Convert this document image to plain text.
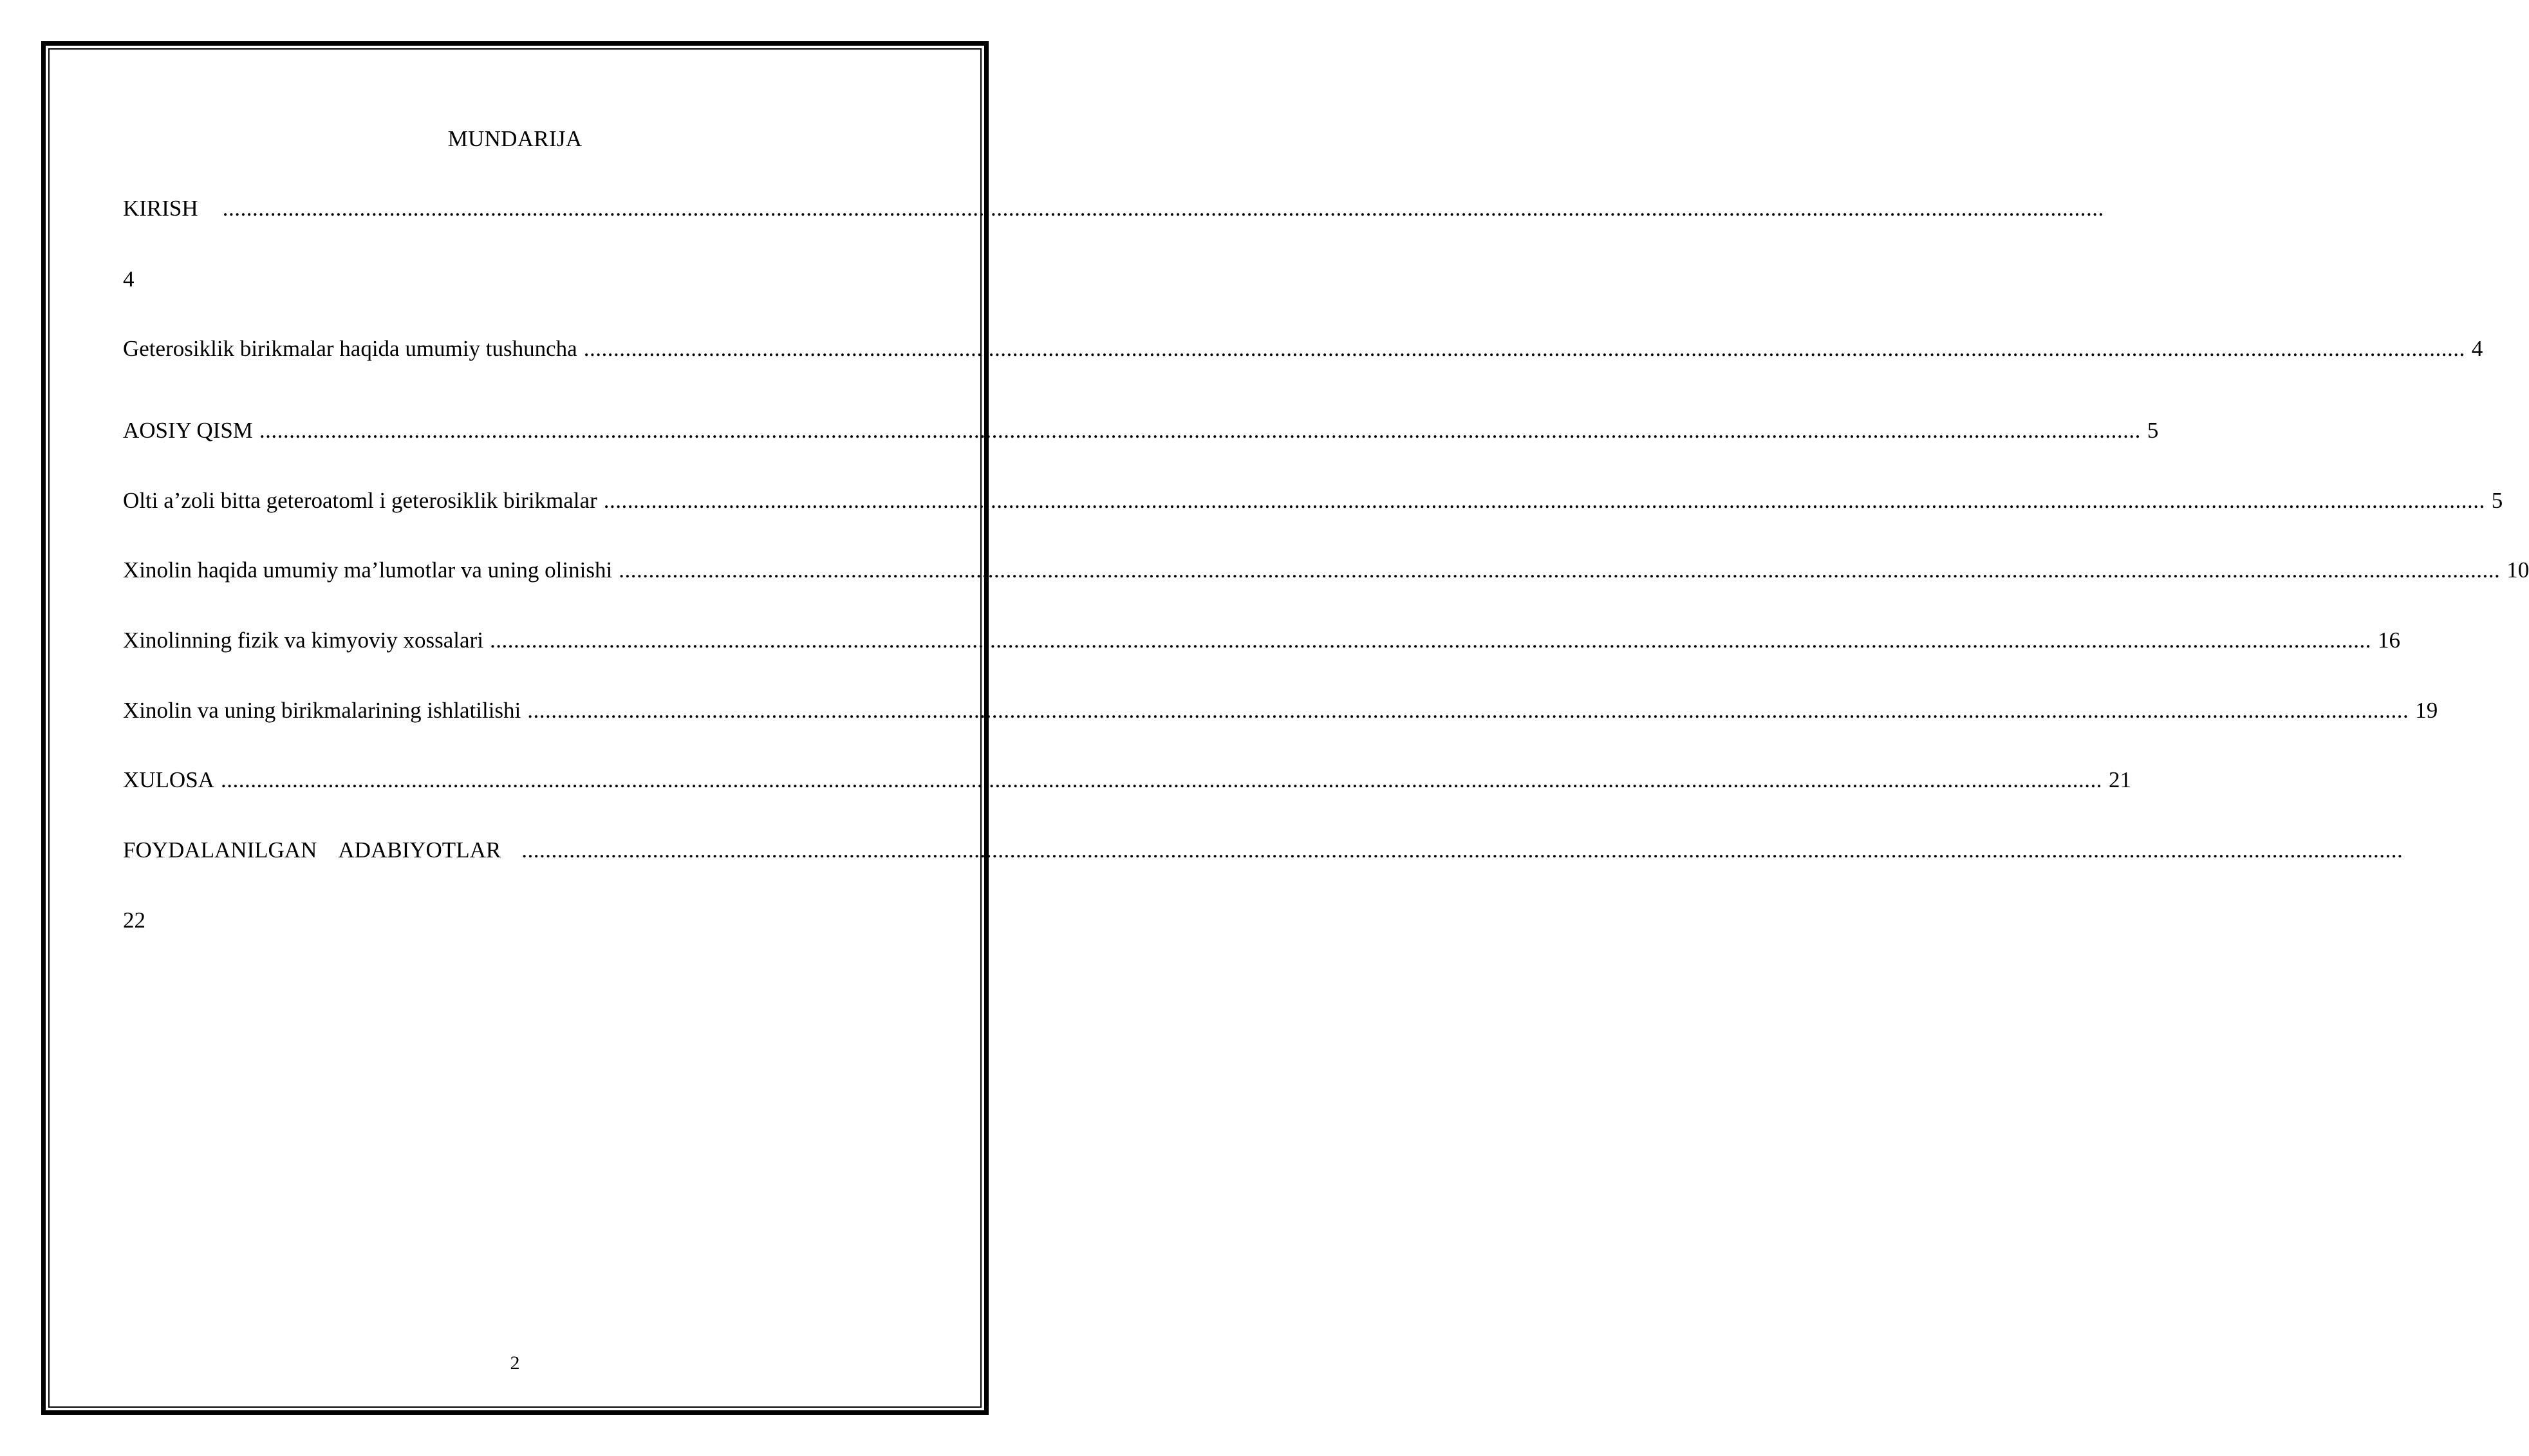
MUNDARIJA
KIRISH ............................................................................................................................................................................................................................................................................................................................
4
Geterosiklik birikmalar haqida umumiy tushuncha ............................................................................................................................................................................................................................................................................................................................ 4
AOSIY QISM ............................................................................................................................................................................................................................................................................................................................ 5
Olti a’zoli bitta geteroatoml i geterosiklik birikmalar ............................................................................................................................................................................................................................................................................................................................ 5
Xinolin haqida umumiy ma’lumotlar va uning olinishi ............................................................................................................................................................................................................................................................................................................................ 10
Xinolinning fizik va kimyoviy xossalari ............................................................................................................................................................................................................................................................................................................................ 16
Xinolin va uning birikmalarining ishlatilishi ............................................................................................................................................................................................................................................................................................................................ 19
XULOSA ............................................................................................................................................................................................................................................................................................................................ 21
FOYDALANILGAN    ADABIYOTLAR ............................................................................................................................................................................................................................................................................................................................
22
2
